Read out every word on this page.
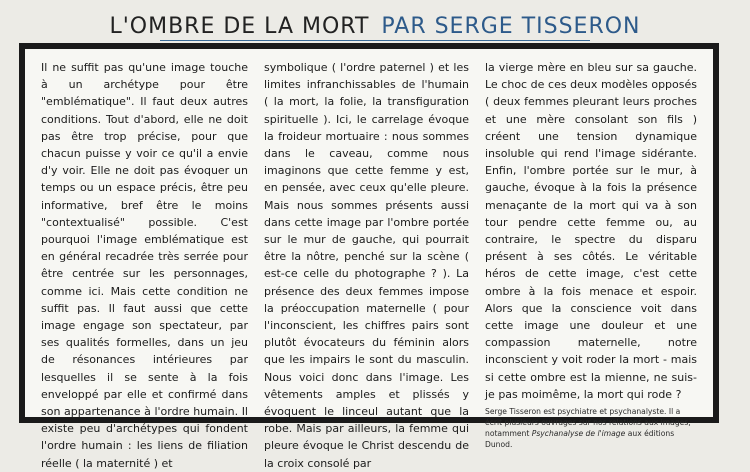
L'OMBRE DE LA MORT PAR SERGE TISSERON

Il ne suffit pas qu'une image touche à un archétype pour être "emblématique". Il faut deux autres conditions. Tout d'abord, elle ne doit pas être trop précise, pour que chacun puisse y voir ce qu'il a envie d'y voir. Elle ne doit pas évoquer un temps ou un espace précis, être peu informative, bref être le moins "contextualisé" possible. C'est pourquoi l'image emblématique est en général recadrée très serrée pour être centrée sur les personnages, comme ici. Mais cette condition ne suffit pas. Il faut aussi que cette image engage son spectateur, par ses qualités formelles, dans un jeu de résonances intérieures par lesquelles il se sente à la fois enveloppé par elle et confirmé dans son appartenance à l'ordre humain. Il existe peu d'archétypes qui fondent l'ordre humain : les liens de filiation réelle ( la maternité ) et

symbolique ( l'ordre paternel ) et les limites infranchissables de l'humain ( la mort, la folie, la transfiguration spirituelle ). Ici, le carrelage évoque la froideur mortuaire : nous sommes dans le caveau, comme nous imaginons que cette femme y est, en pensée, avec ceux qu'elle pleure. Mais nous sommes présents aussi dans cette image par l'ombre portée sur le mur de gauche, qui pourrait être la nôtre, penché sur la scène ( est-ce celle du photographe ? ). La présence des deux femmes impose la préoccupation maternelle ( pour l'inconscient, les chiffres pairs sont plutôt évocateurs du féminin alors que les impairs le sont du masculin. Nous voici donc dans l'image. Les vêtements amples et plissés y évoquent le linceul autant que la robe. Mais par ailleurs, la femme qui pleure évoque le Christ descendu de la croix consolé par

la vierge mère en bleu sur sa gauche. Le choc de ces deux modèles opposés ( deux femmes pleurant leurs proches et une mère consolant son fils ) créent une tension dynamique insoluble qui rend l'image sidérante. Enfin, l'ombre portée sur le mur, à gauche, évoque à la fois la présence menaçante de la mort qui va à son tour pendre cette femme ou, au contraire, le spectre du disparu présent à ses côtés. Le véritable héros de cette image, c'est cette ombre à la fois menace et espoir. Alors que la conscience voit dans cette image une douleur et une compassion maternelle, notre inconscient y voit roder la mort - mais si cette ombre est la mienne, ne suis-je pas moimême, la mort qui rode ?

Serge Tisseron est psychiatre et psychanalyste. Il a écrit plusieurs ouvrages sur nos relations aux images, notamment Psychanalyse de l'image aux éditions Dunod.
